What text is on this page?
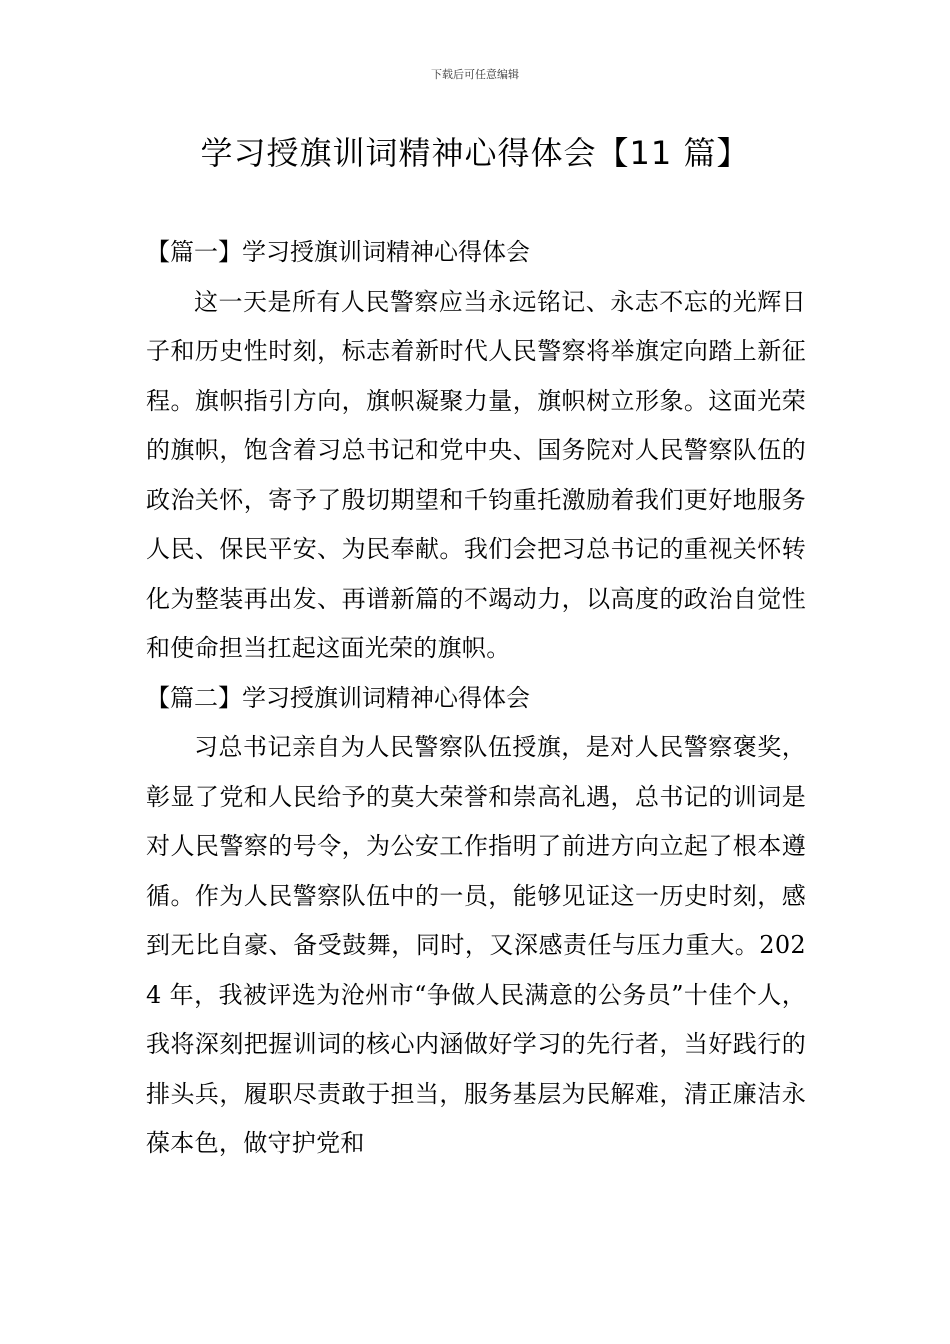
下载后可任意编辑
学习授旗训词精神心得体会【11 篇】

【篇一】学习授旗训词精神心得体会

这一天是所有人民警察应当永远铭记、永志不忘的光辉日子和历史性时刻，标志着新时代人民警察将举旗定向踏上新征程。旗帜指引方向，旗帜凝聚力量，旗帜树立形象。这面光荣的旗帜，饱含着习总书记和党中央、国务院对人民警察队伍的政治关怀，寄予了殷切期望和千钧重托激励着我们更好地服务人民、保民平安、为民奉献。我们会把习总书记的重视关怀转化为整装再出发、再谱新篇的不竭动力，以高度的政治自觉性和使命担当扛起这面光荣的旗帜。

【篇二】学习授旗训词精神心得体会

习总书记亲自为人民警察队伍授旗，是对人民警察褒奖，彰显了党和人民给予的莫大荣誉和崇高礼遇，总书记的训词是对人民警察的号令，为公安工作指明了前进方向立起了根本遵循。作为人民警察队伍中的一员，能够见证这一历史时刻，感到无比自豪、备受鼓舞，同时，又深感责任与压力重大。2024 年，我被评选为沧州市“争做人民满意的公务员”十佳个人，我将深刻把握训词的核心内涵做好学习的先行者，当好践行的排头兵，履职尽责敢于担当，服务基层为民解难，清正廉洁永葆本色，做守护党和
